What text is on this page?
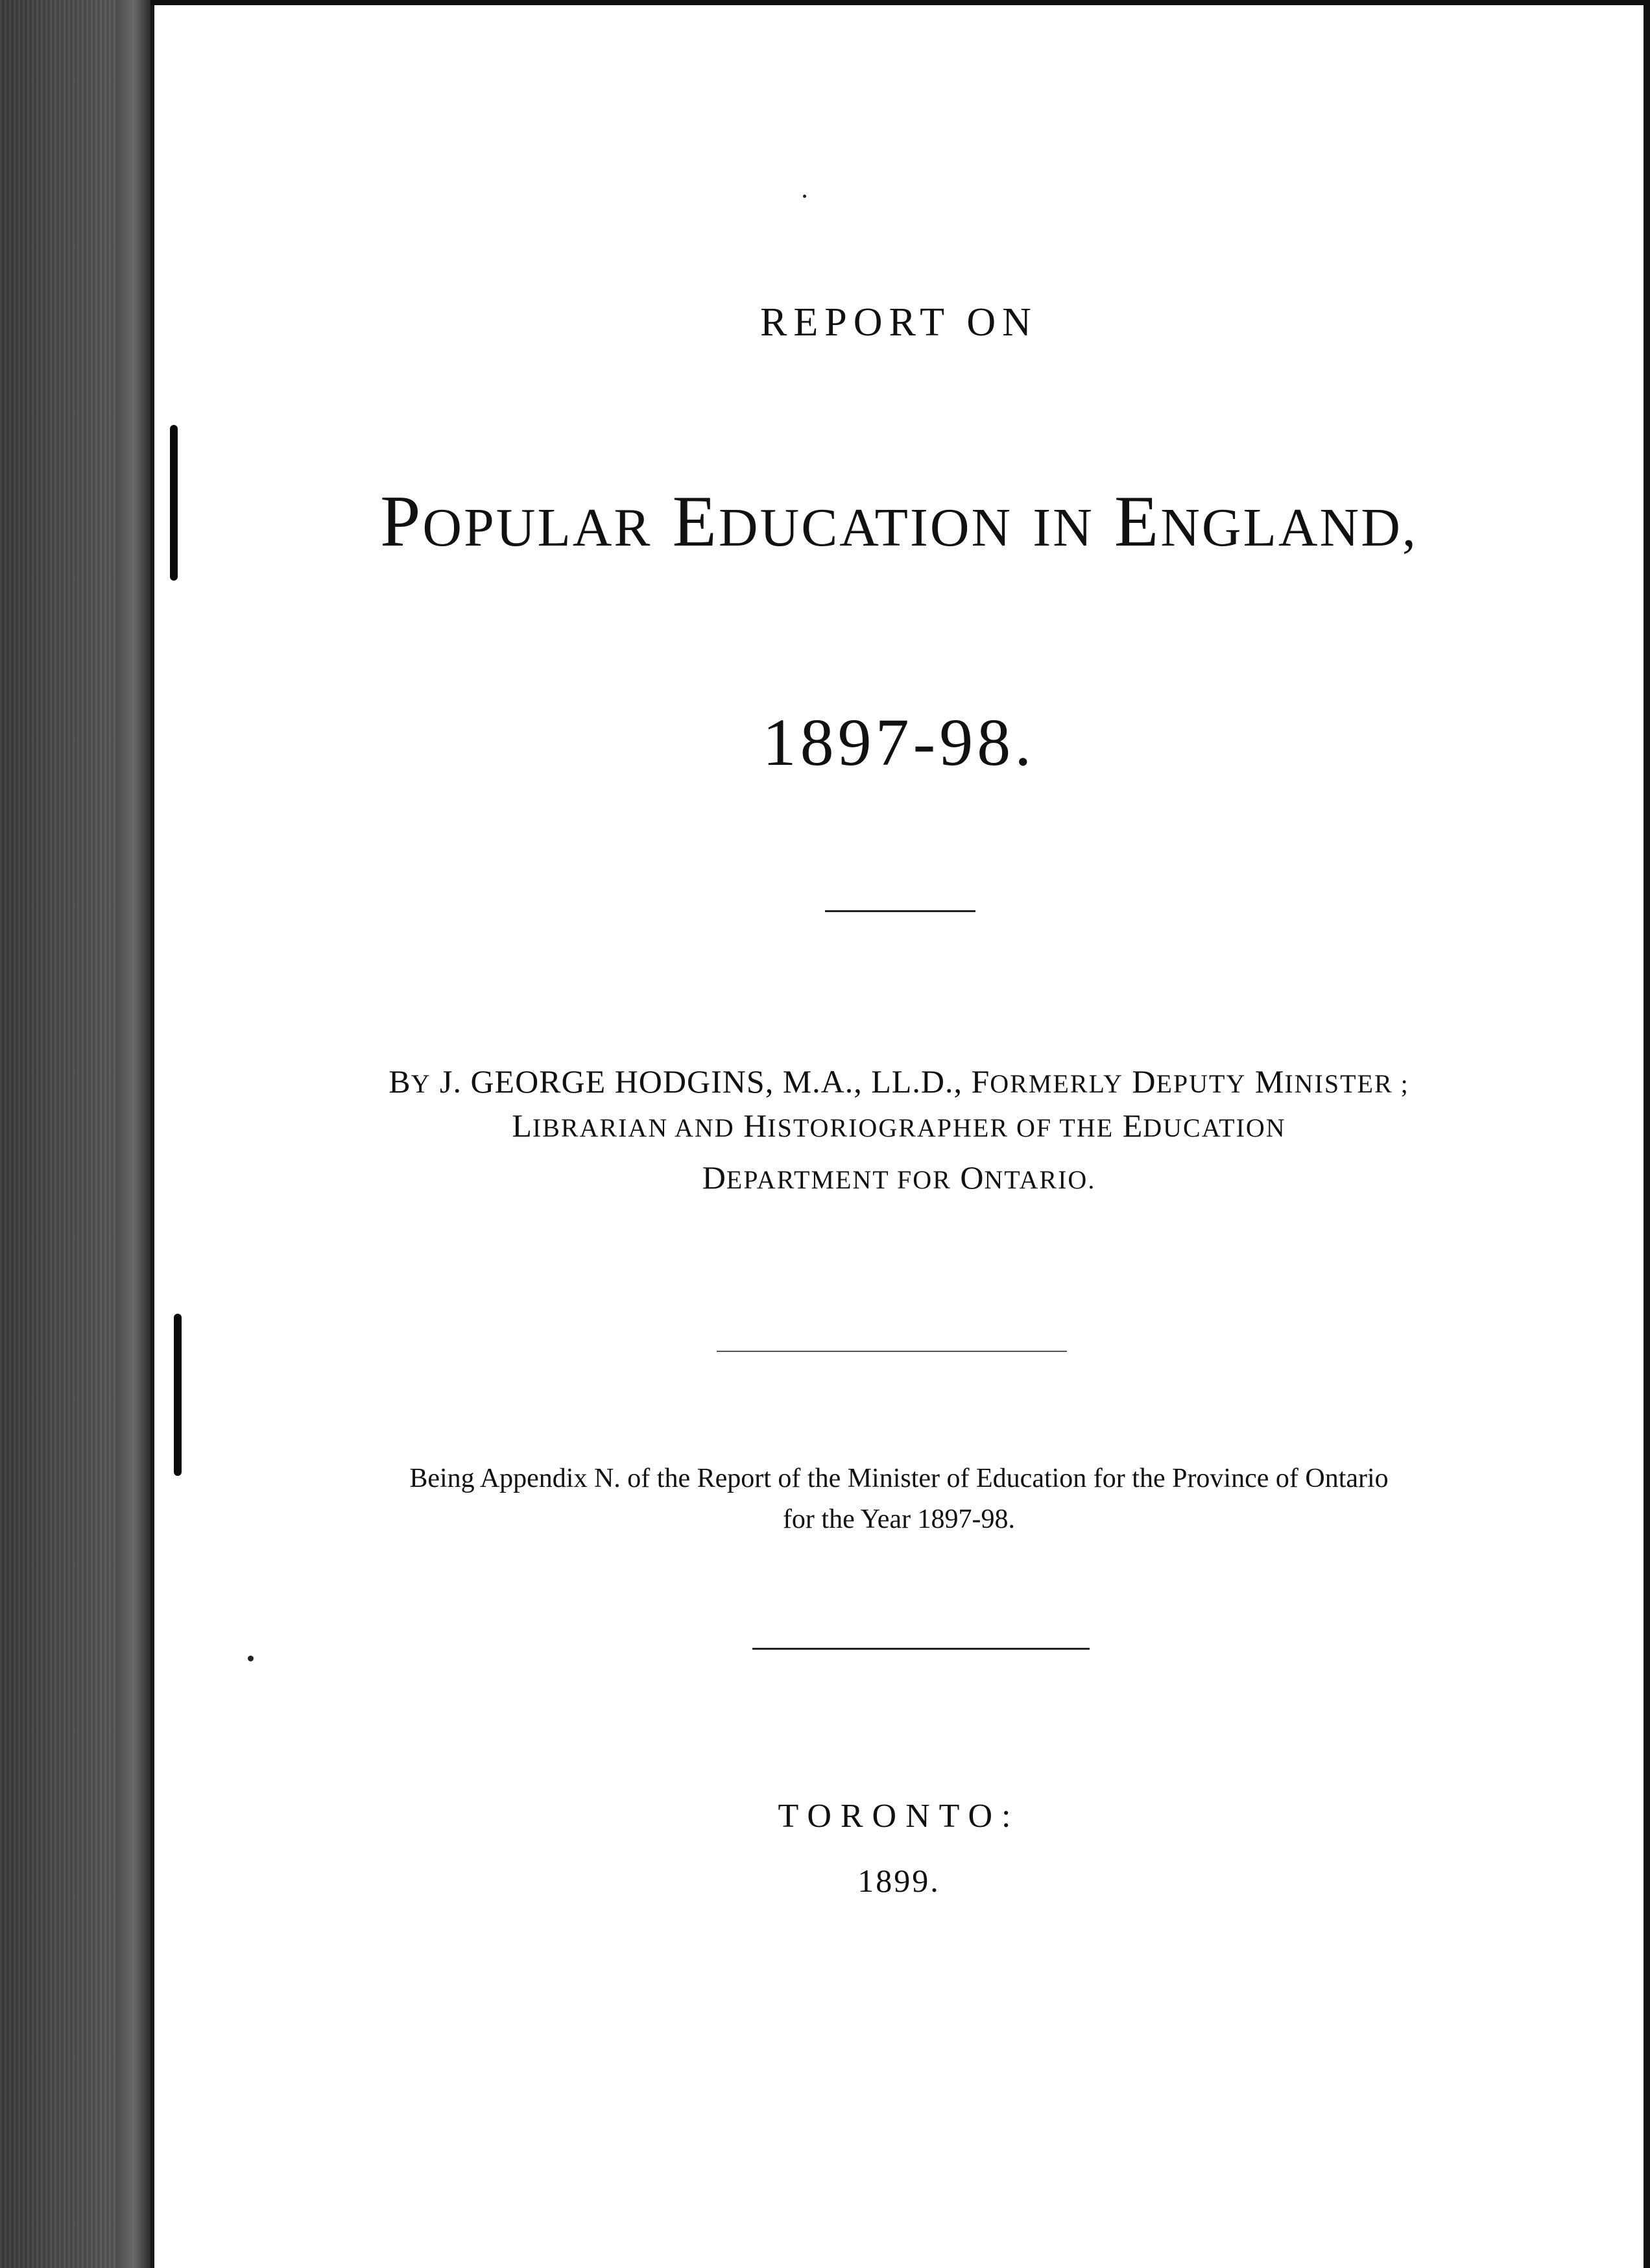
REPORT ON
POPULAR EDUCATION IN ENGLAND,
1897-98.
BY J. GEORGE HODGINS, M.A., LL.D., FORMERLY DEPUTY MINISTER ;
LIBRARIAN AND HISTORIOGRAPHER OF THE EDUCATION
DEPARTMENT FOR ONTARIO.
Being Appendix N. of the Report of the Minister of Education for the Province of Ontario
for the Year 1897-98.
TORONTO:
1899.
